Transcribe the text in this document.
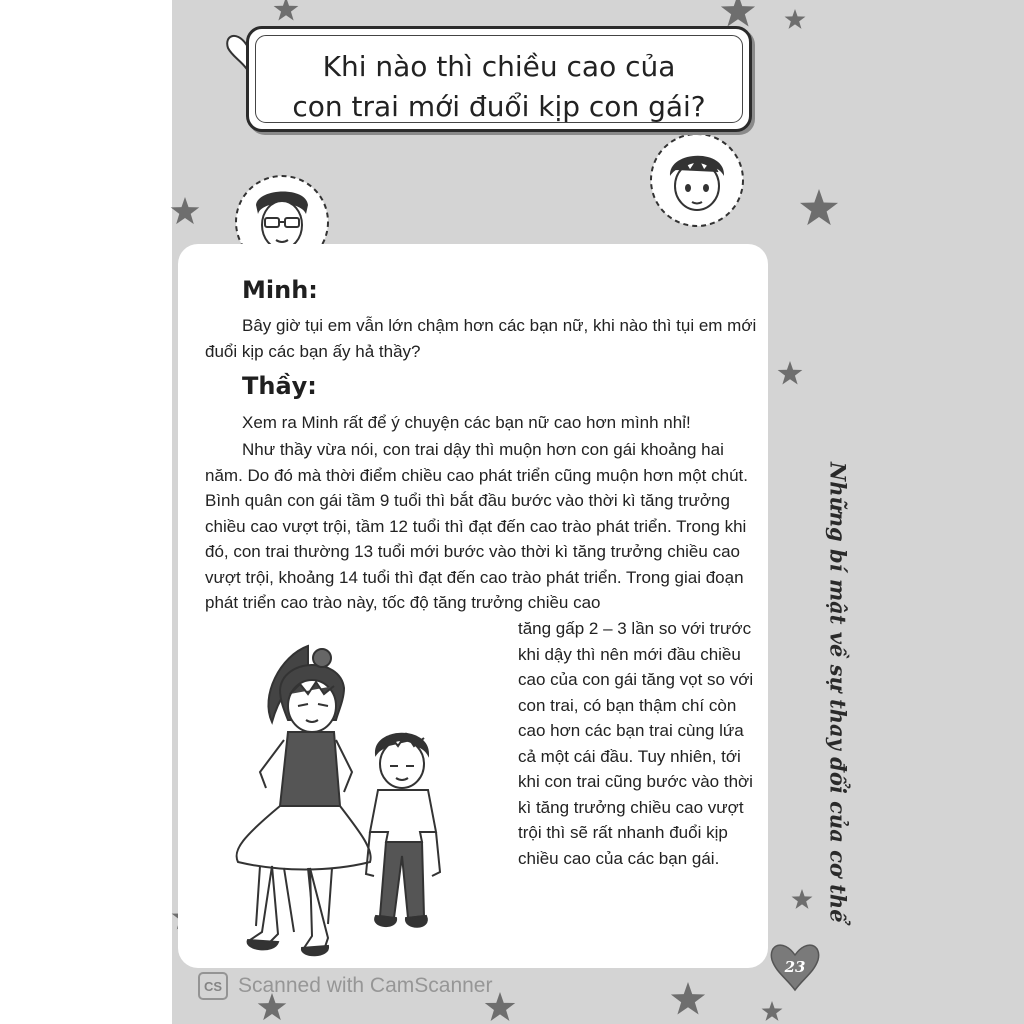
Khi nào thì chiều cao của
con trai mới đuổi kịp con gái?
Minh:

Bây giờ tụi em vẫn lớn chậm hơn các bạn nữ, khi nào thì tụi em mới đuổi kịp các bạn ấy hả thầy?

Thầy:

Xem ra Minh rất để ý chuyện các bạn nữ cao hơn mình nhỉ!

Như thầy vừa nói, con trai dậy thì muộn hơn con gái khoảng hai năm. Do đó mà thời điểm chiều cao phát triển cũng muộn hơn một chút. Bình quân con gái tầm 9 tuổi thì bắt đầu bước vào thời kì tăng trưởng chiều cao vượt trội, tầm 12 tuổi thì đạt đến cao trào phát triển. Trong khi đó, con trai thường 13 tuổi mới bước vào thời kì tăng trưởng chiều cao vượt trội, khoảng 14 tuổi thì đạt đến cao trào phát triển. Trong giai đoạn phát triển cao trào này, tốc độ tăng trưởng chiều cao

tăng gấp 2 – 3 lần so với trước khi dậy thì nên mới đầu chiều cao của con gái tăng vọt so với con trai, có bạn thậm chí còn cao hơn các bạn trai cùng lứa cả một cái đầu. Tuy nhiên, tới khi con trai cũng bước vào thời kì tăng trưởng chiều cao vượt trội thì sẽ rất nhanh đuổi kịp chiều cao của các bạn gái.	Những bí mật về sự thay đổi của cơ thể
23
CS Scanned with CamScanner
